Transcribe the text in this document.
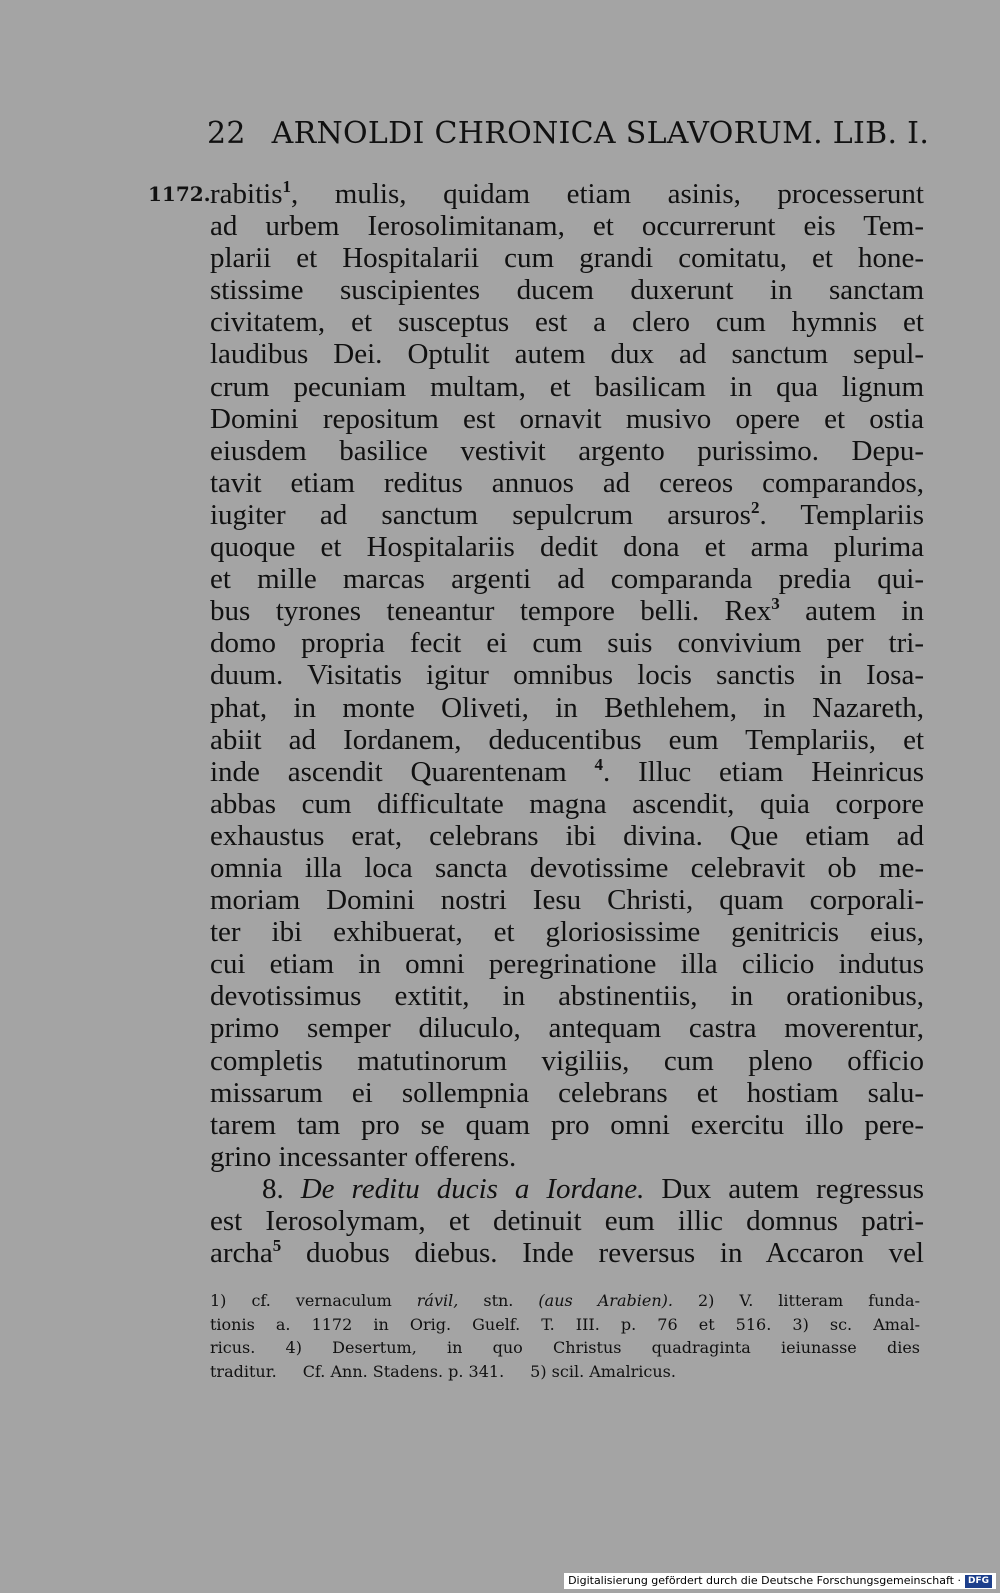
22 ARNOLDI CHRONICA SLAVORUM. LIB. I.
1172. rabitis$^1$, mulis, quidam etiam asinis, processerunt
ad urbem Ierosolimitanam, et occurrerunt eis Tem-
plarii et Hospitalarii cum grandi comitatu, et hone-
stissime suscipientes ducem duxerunt in sanctam
civitatem, et susceptus est a clero cum hymnis et
laudibus Dei. Optulit autem dux ad sanctum sepul-
crum pecuniam multam, et basilicam in qua lignum
Domini repositum est ornavit musivo opere et ostia
eiusdem basilice vestivit argento purissimo. Depu-
tavit etiam reditus annuos ad cereos comparandos,
iugiter ad sanctum sepulcrum arsuros$^2$. Templariis
quoque et Hospitalariis dedit dona et arma plurima
et mille marcas argenti ad comparanda predia qui-
bus tyrones teneantur tempore belli. Rex$^3$ autem in
domo propria fecit ei cum suis convivium per tri-
duum. Visitatis igitur omnibus locis sanctis in Iosa-
phat, in monte Oliveti, in Bethlehem, in Nazareth,
abiit ad Iordanem, deducentibus eum Templariis, et
inde ascendit Quarentenam $^4$. Illuc etiam Heinricus
abbas cum difficultate magna ascendit, quia corpore
exhaustus erat, celebrans ibi divina. Que etiam ad
omnia illa loca sancta devotissime celebravit ob me-
moriam Domini nostri Iesu Christi, quam corporali-
ter ibi exhibuerat, et gloriosissime genitricis eius,
cui etiam in omni peregrinatione illa cilicio indutus
devotissimus extitit, in abstinentiis, in orationibus,
primo semper diluculo, antequam castra moverentur,
completis matutinorum vigiliis, cum pleno officio
missarum ei sollempnia celebrans et hostiam salu-
tarem tam pro se quam pro omni exercitu illo pere-
grino incessanter offerens.
8. De reditu ducis a Iordane. Dux autem regressus
est Ierosolymam, et detinuit eum illic domnus patri-
archa$^5$ duobus diebus. Inde reversus in Accaron vel
1) cf. vernaculum rávil, stn. (aus Arabien). 2) V. litteram funda-
tionis a. 1172 in Orig. Guelf. T. III. p. 76 et 516. 3) sc. Amal-
ricus. 4) Desertum, in quo Christus quadraginta ieiunasse dies
traditur. Cf. Ann. Stadens. p. 341. 5) scil. Amalricus.
Digitalisierung gefördert durch die Deutsche Forschungsgemeinschaft · DFG
